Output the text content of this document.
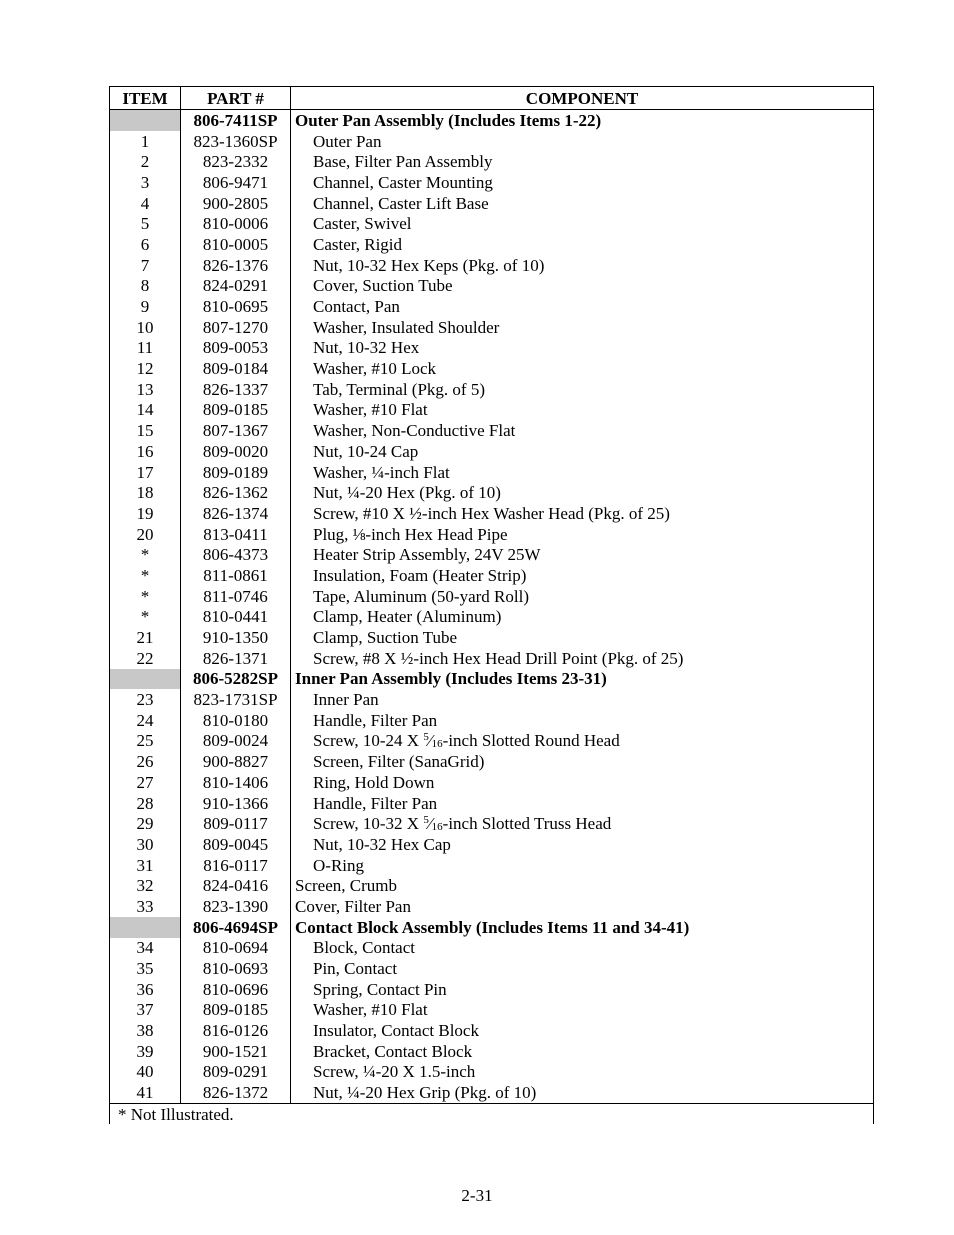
ITEM	PART #	COMPONENT
	806-7411SP	Outer Pan Assembly (Includes Items 1-22)
1	823-1360SP	Outer Pan
2	823-2332	Base, Filter Pan Assembly
3	806-9471	Channel, Caster Mounting
4	900-2805	Channel, Caster Lift Base
5	810-0006	Caster, Swivel
6	810-0005	Caster, Rigid
7	826-1376	Nut, 10-32 Hex Keps (Pkg. of 10)
8	824-0291	Cover, Suction Tube
9	810-0695	Contact, Pan
10	807-1270	Washer, Insulated Shoulder
11	809-0053	Nut, 10-32 Hex
12	809-0184	Washer, #10 Lock
13	826-1337	Tab, Terminal (Pkg. of 5)
14	809-0185	Washer, #10 Flat
15	807-1367	Washer, Non-Conductive Flat
16	809-0020	Nut, 10-24 Cap
17	809-0189	Washer, ¼-inch Flat
18	826-1362	Nut, ¼-20 Hex (Pkg. of 10)
19	826-1374	Screw, #10 X ½-inch Hex Washer Head (Pkg. of 25)
20	813-0411	Plug, ⅛-inch Hex Head Pipe
*	806-4373	Heater Strip Assembly, 24V 25W
*	811-0861	Insulation, Foam (Heater Strip)
*	811-0746	Tape, Aluminum (50-yard Roll)
*	810-0441	Clamp, Heater (Aluminum)
21	910-1350	Clamp, Suction Tube
22	826-1371	Screw, #8 X ½-inch Hex Head Drill Point (Pkg. of 25)
	806-5282SP	Inner Pan Assembly (Includes Items 23-31)
23	823-1731SP	Inner Pan
24	810-0180	Handle, Filter Pan
25	809-0024	Screw, 10-24 X $^5⁄_{16}$-inch Slotted Round Head
26	900-8827	Screen, Filter (SanaGrid)
27	810-1406	Ring, Hold Down
28	910-1366	Handle, Filter Pan
29	809-0117	Screw, 10-32 X $^5⁄_{16}$-inch Slotted Truss Head
30	809-0045	Nut, 10-32 Hex Cap
31	816-0117	O-Ring
32	824-0416	Screen, Crumb
33	823-1390	Cover, Filter Pan
	806-4694SP	Contact Block Assembly (Includes Items 11 and 34-41)
34	810-0694	Block, Contact
35	810-0693	Pin, Contact
36	810-0696	Spring, Contact Pin
37	809-0185	Washer, #10 Flat
38	816-0126	Insulator, Contact Block
39	900-1521	Bracket, Contact Block
40	809-0291	Screw, ¼-20 X 1.5-inch
41	826-1372	Nut, ¼-20 Hex Grip (Pkg. of 10)
* Not Illustrated.
2-31
